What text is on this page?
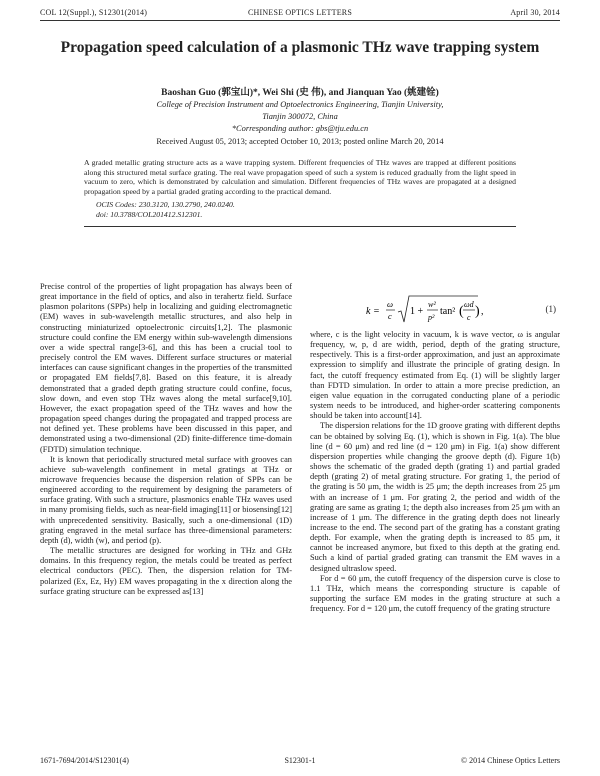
COL 12(Suppl.), S12301(2014)	CHINESE OPTICS LETTERS	April 30, 2014
Propagation speed calculation of a plasmonic THz wave trapping system
Baoshan Guo (郭宝山)*, Wei Shi (史 伟), and Jianquan Yao (姚建铨)
College of Precision Instrument and Optoelectronics Engineering, Tianjin University,
Tianjin 300072, China
*Corresponding author: gbs@tju.edu.cn
Received August 05, 2013; accepted October 10, 2013; posted online March 20, 2014
A graded metallic grating structure acts as a wave trapping system. Different frequencies of THz waves are trapped at different positions along this structured metal surface grating. The real wave propagation speed of such a system is reduced gradually from the light speed in vacuum to zero, which is demonstrated by calculation and simulation. Different frequencies of THz waves are propagated at a designed propagation speed by a partial graded grating according to the practical demand.
OCIS Codes: 230.3120, 130.2790, 240.0240.
doi: 10.3788/COL201412.S12301.

Precise control of the properties of light propagation has always been of great importance in the field of optics, and also in terahertz field. Surface plasmon polaritons (SPPs) help in localizing and guiding electromagnetic (EM) waves in sub-wavelength metallic structures, and also help in constructing miniaturized optoelectronic circuits[1,2]. The plasmonic structure could confine the EM energy within sub-wavelength dimensions over a wide spectral range[3-6], and this has been a crucial tool to precisely control the EM waves. Different surface structures or material interfaces can cause significant changes in the properties of the transmitted or propagated EM fields[7,8]. Based on this feature, it is already demonstrated that a graded depth grating structure could confine, focus, slow down, and even stop THz waves along the metal surface[9,10]. However, the exact propagation speed of the THz waves and how the propagation speed changes during the propagated and trapped process are not defined yet. These problems have been discussed in this paper, and demonstrated using a two-dimensional (2D) finite-difference time-domain (FDTD) simulation technique.

It is known that periodically structured metal surface with grooves can achieve sub-wavelength confinement in metal gratings at THz or microwave frequencies because the dispersion relation of SPPs can be engineered according to the requirement by designing the parameters of surface grating. With such a structure, plasmonics enable THz waves used in many promising fields, such as near-field imaging[11] or biosensing[12] with unprecedented sensitivity. Basically, such a one-dimensional (1D) grating engraved in the metal surface has three-dimensional parameters: depth (d), width (w), and period (p).

The metallic structures are designed for working in THz and GHz domains. In this frequency region, the metals could be treated as perfect electrical conductors (PEC). Then, the dispersion relation for TM-polarized (Ex, Ez, Hy) EM waves propagating in the x direction along the surface grating structure can be expressed as[13]

k =
ω
c 1 +
w²
p²
tan² ( ωd
c ) ,	(1)

where, c is the light velocity in vacuum, k is wave vector, ω is angular frequency, w, p, d are width, period, depth of the grating structure, respectively. This is a first-order approximation, and just an approximate expression to simplify and illustrate the principle of grating design. In fact, the cutoff frequency estimated from Eq. (1) will be slightly larger than FDTD simulation. In order to attain a more precise prediction, an eigen value equation in the corrugated conducting plane of a periodic system needs to be introduced, and higher-order scattering components should be taken into account[14].

The dispersion relations for the 1D groove grating with different depths can be obtained by solving Eq. (1), which is shown in Fig. 1(a). The blue line (d = 60 μm) and red line (d = 120 μm) in Fig. 1(a) show different dispersion properties while changing the groove depth (d). Figure 1(b) shows the schematic of the graded depth (grating 1) and partial graded depth (grating 2) of metal grating structure. For grating 1, the period of the grating is 50 μm, the width is 25 μm; the depth increases from 25 μm with an increase of 1 μm. For grating 2, the period and width of the grating are same as grating 1; the depth also increases from 25 μm with an increase of 1 μm. The difference in the grating depth does not linearly increase to the end. The second part of the grating has a constant grating depth. For example, when the grating depth is increased to 85 μm, it cannot be increased anymore, but fixed to this depth at the grating end. Such a kind of partial graded grating can transmit the EM waves in a designed ultraslow speed.

For d = 60 μm, the cutoff frequency of the dispersion curve is close to 1.1 THz, which means the corresponding structure is capable of supporting the surface EM modes in the grating structure at such a frequency. For d = 120 μm, the cutoff frequency of the grating structure

1671-7694/2014/S12301(4)	S12301-1	© 2014 Chinese Optics Letters
